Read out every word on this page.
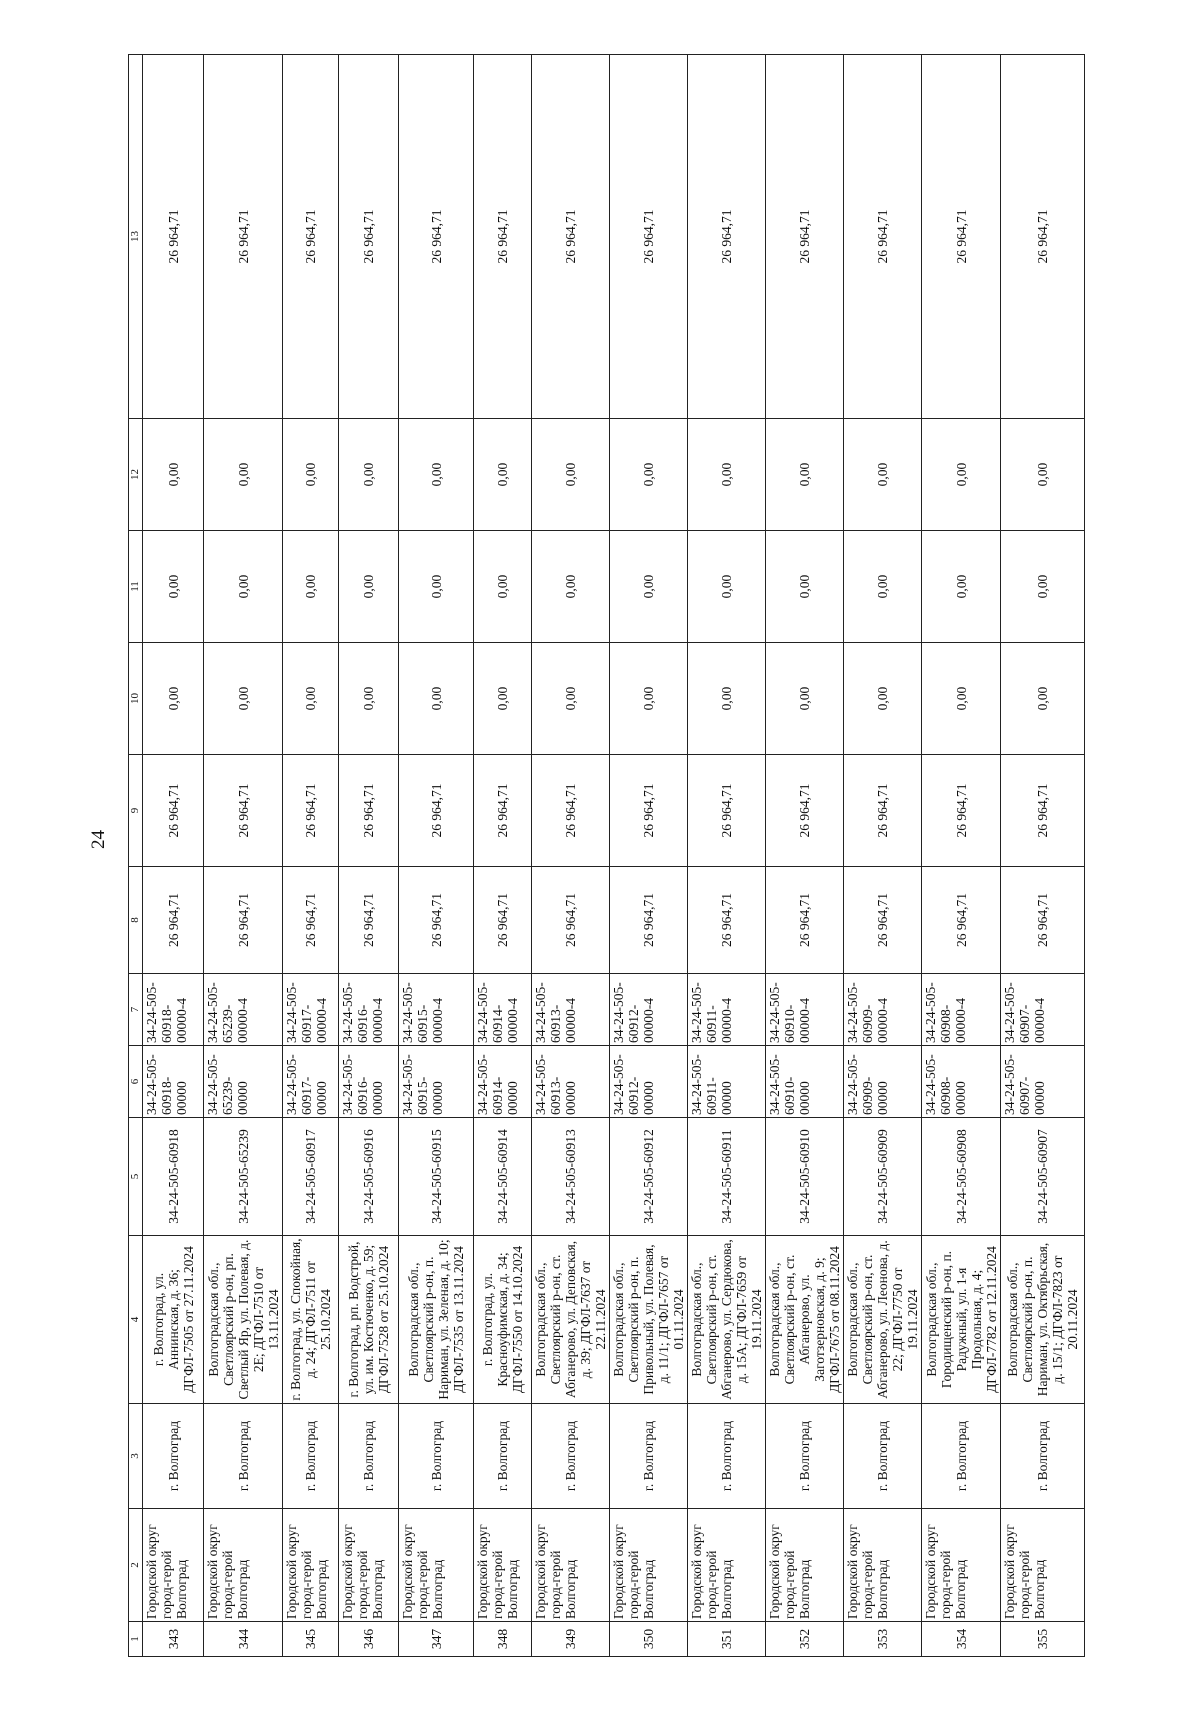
24
1	2	3	4	5	6	7	8	9	10	11	12	13
343	Городской округ город-герой Волгоград	г. Волгоград	г. Волгоград, ул. Аннинская, д. 36; ДГФЛ-7505 от 27.11.2024	34-24-505-60918	34-24-505-60918-00000	34-24-505-60918-00000-4	26 964,71	26 964,71	0,00	0,00	0,00	26 964,71
344	Городской округ город-герой Волгоград	г. Волгоград	Волгоградская обл., Светлоярский р-он, рп. Светлый Яр, ул. Полевая, д. 2Е; ДГФЛ-7510 от 13.11.2024	34-24-505-65239	34-24-505-65239-00000	34-24-505-65239-00000-4	26 964,71	26 964,71	0,00	0,00	0,00	26 964,71
345	Городской округ город-герой Волгоград	г. Волгоград	г. Волгоград, ул. Спокойная, д. 24; ДГФЛ-7511 от 25.10.2024	34-24-505-60917	34-24-505-60917-00000	34-24-505-60917-00000-4	26 964,71	26 964,71	0,00	0,00	0,00	26 964,71
346	Городской округ город-герой Волгоград	г. Волгоград	г. Волгоград, рп. Водстрой, ул. им. Костюченко, д. 59; ДГФЛ-7528 от 25.10.2024	34-24-505-60916	34-24-505-60916-00000	34-24-505-60916-00000-4	26 964,71	26 964,71	0,00	0,00	0,00	26 964,71
347	Городской округ город-герой Волгоград	г. Волгоград	Волгоградская обл., Светлоярский р-он, п. Нариман, ул. Зеленая, д. 10; ДГФЛ-7535 от 13.11.2024	34-24-505-60915	34-24-505-60915-00000	34-24-505-60915-00000-4	26 964,71	26 964,71	0,00	0,00	0,00	26 964,71
348	Городской округ город-герой Волгоград	г. Волгоград	г. Волгоград, ул. Красноуфимская, д. 34; ДГФЛ-7550 от 14.10.2024	34-24-505-60914	34-24-505-60914-00000	34-24-505-60914-00000-4	26 964,71	26 964,71	0,00	0,00	0,00	26 964,71
349	Городской округ город-герой Волгоград	г. Волгоград	Волгоградская обл., Светлоярский р-он, ст. Абганерово, ул. Деповская, д. 39; ДГФЛ-7637 от 22.11.2024	34-24-505-60913	34-24-505-60913-00000	34-24-505-60913-00000-4	26 964,71	26 964,71	0,00	0,00	0,00	26 964,71
350	Городской округ город-герой Волгоград	г. Волгоград	Волгоградская обл., Светлоярский р-он, п. Привольный, ул. Полевая, д. 11/1; ДГФЛ-7657 от 01.11.2024	34-24-505-60912	34-24-505-60912-00000	34-24-505-60912-00000-4	26 964,71	26 964,71	0,00	0,00	0,00	26 964,71
351	Городской округ город-герой Волгоград	г. Волгоград	Волгоградская обл., Светлоярский р-он, ст. Абганерово, ул. Сердюкова, д. 15А; ДГФЛ-7659 от 19.11.2024	34-24-505-60911	34-24-505-60911-00000	34-24-505-60911-00000-4	26 964,71	26 964,71	0,00	0,00	0,00	26 964,71
352	Городской округ город-герой Волгоград	г. Волгоград	Волгоградская обл., Светлоярский р-он, ст. Абганерово, ул. Заготзерновская, д. 9; ДГФЛ-7675 от 08.11.2024	34-24-505-60910	34-24-505-60910-00000	34-24-505-60910-00000-4	26 964,71	26 964,71	0,00	0,00	0,00	26 964,71
353	Городской округ город-герой Волгоград	г. Волгоград	Волгоградская обл., Светлоярский р-он, ст. Абганерово, ул. Леонова, д. 22; ДГФЛ-7750 от 19.11.2024	34-24-505-60909	34-24-505-60909-00000	34-24-505-60909-00000-4	26 964,71	26 964,71	0,00	0,00	0,00	26 964,71
354	Городской округ город-герой Волгоград	г. Волгоград	Волгоградская обл., Городищенский р-он, п. Радужный, ул. 1-я Продольная, д. 4; ДГФЛ-7782 от 12.11.2024	34-24-505-60908	34-24-505-60908-00000	34-24-505-60908-00000-4	26 964,71	26 964,71	0,00	0,00	0,00	26 964,71
355	Городской округ город-герой Волгоград	г. Волгоград	Волгоградская обл., Светлоярский р-он, п. Нариман, ул. Октябрьская, д. 15/1; ДГФЛ-7823 от 20.11.2024	34-24-505-60907	34-24-505-60907-00000	34-24-505-60907-00000-4	26 964,71	26 964,71	0,00	0,00	0,00	26 964,71
